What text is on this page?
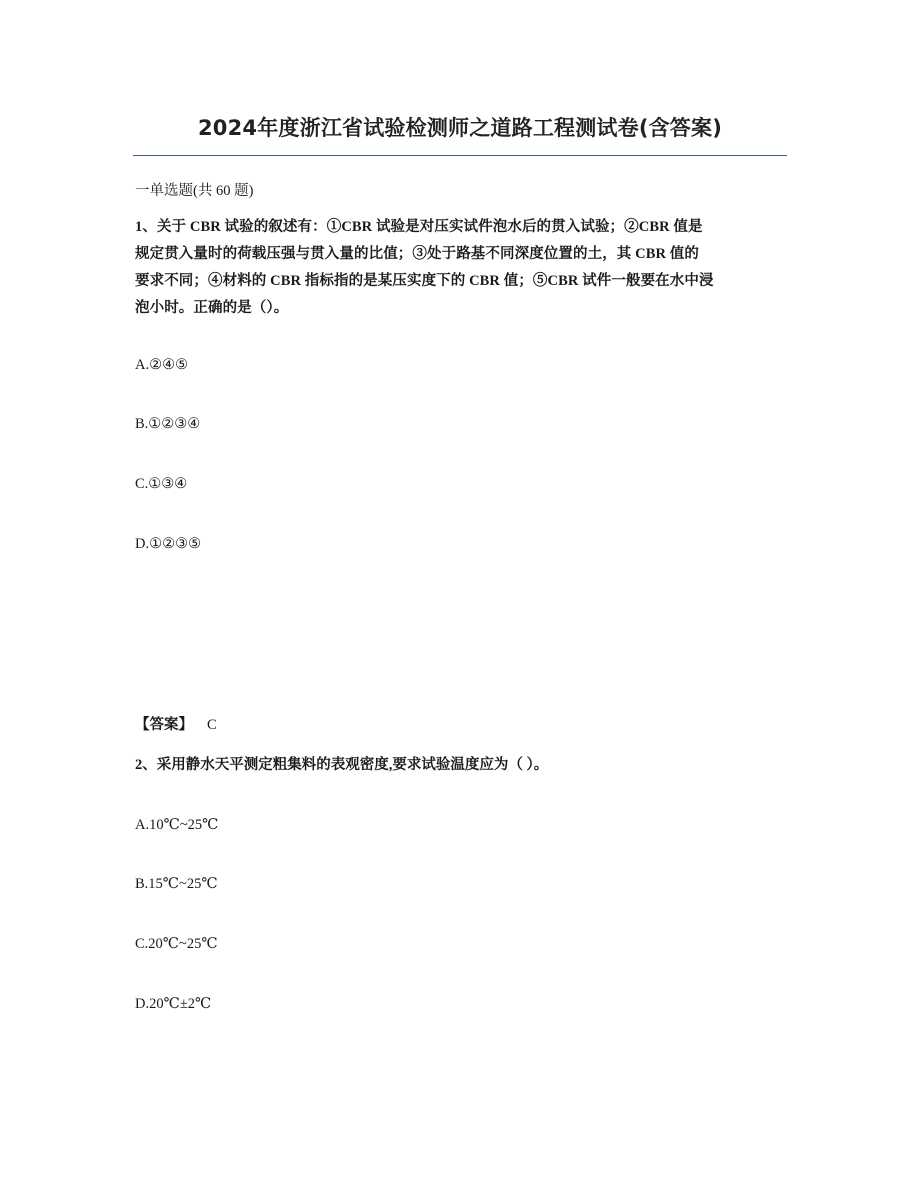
2024年度浙江省试验检测师之道路工程测试卷(含答案)
一单选题(共 60 题)
1、关于 CBR 试验的叙述有：①CBR 试验是对压实试件泡水后的贯入试验；②CBR 值是
规定贯入量时的荷载压强与贯入量的比值；③处于路基不同深度位置的土，其 CBR 值的
要求不同；④材料的 CBR 指标指的是某压实度下的 CBR 值；⑤CBR 试件一般要在水中浸
泡小时。正确的是（）。
A.②④⑤
B.①②③④
C.①③④
D.①②③⑤
【答案】 C
2、采用静水天平测定粗集料的表观密度,要求试验温度应为（ ）。
A.10℃~25℃
B.15℃~25℃
C.20℃~25℃
D.20℃±2℃
